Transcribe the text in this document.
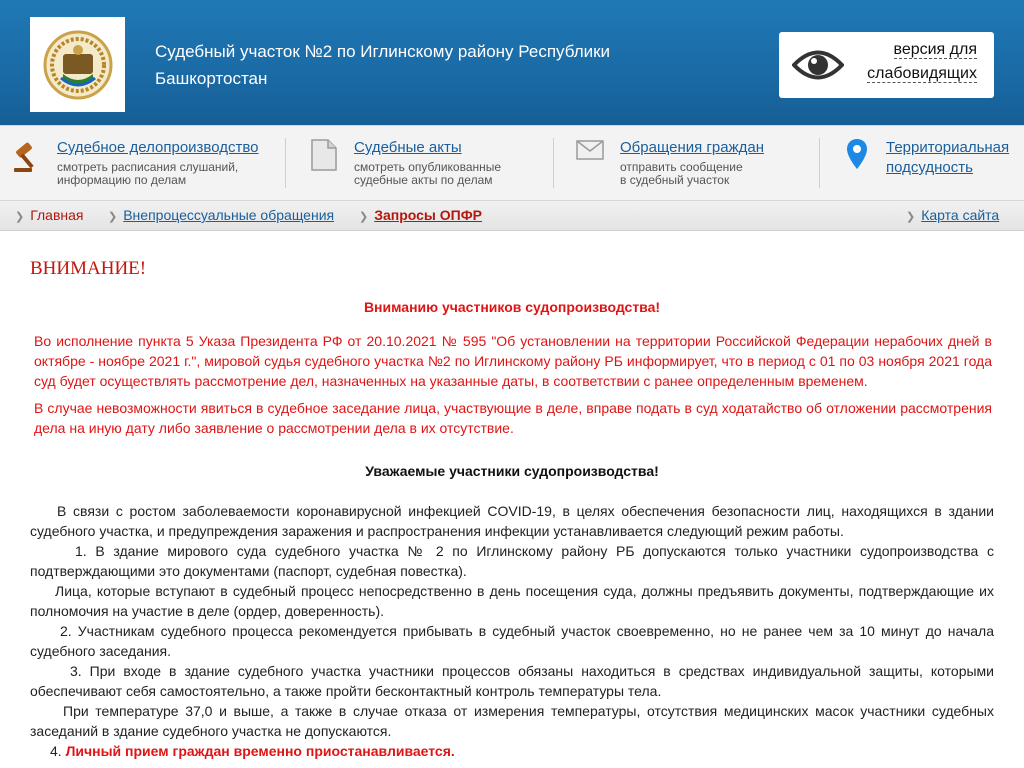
Судебный участок №2 по Иглинскому району Республики Башкортостан
версия для слабовидящих
Судебное делопроизводство
смотреть расписания слушаний,
информацию по делам
Судебные акты
смотреть опубликованные
судебные акты по делам
Обращения граждан
отправить сообщение
в судебный участок
Территориальная подсудность
❯ Главная ❯ Внепроцессуальные обращения ❯ Запросы ОПФР	❯ Карта сайта
ВНИМАНИЕ!
Вниманию участников судопроизводства!
Во исполнение пункта 5 Указа Президента РФ от 20.10.2021 № 595 "Об установлении на территории Российской Федерации нерабочих дней в октябре - ноябре 2021 г.", мировой судья судебного участка №2 по Иглинскому району РБ информирует, что в период с 01 по 03 ноября 2021 года суд будет осуществлять рассмотрение дел, назначенных на указанные даты, в соответствии с ранее определенным временем.
В случае невозможности явиться в судебное заседание лица, участвующие в деле, вправе подать в суд ходатайство об отложении рассмотрения дела на иную дату либо заявление о рассмотрении дела в их отсутствие.
Уважаемые участники судопроизводства!
В связи с ростом заболеваемости коронавирусной инфекцией COVID-19, в целях обеспечения безопасности лиц, находящихся в здании судебного участка, и предупреждения заражения и распространения инфекции устанавливается следующий режим работы.
1. В здание мирового суда судебного участка № 2 по Иглинскому району РБ допускаются только участники судопроизводства с подтверждающими это документами (паспорт, судебная повестка).
Лица, которые вступают в судебный процесс непосредственно в день посещения суда, должны предъявить документы, подтверждающие их полномочия на участие в деле (ордер, доверенность).
2. Участникам судебного процесса рекомендуется прибывать в судебный участок своевременно, но не ранее чем за 10 минут до начала судебного заседания.
3. При входе в здание судебного участка участники процессов обязаны находиться в средствах индивидуальной защиты, которыми обеспечивают себя самостоятельно, а также пройти бесконтактный контроль температуры тела.
При температуре 37,0 и выше, а также в случае отказа от измерения температуры, отсутствия медицинских масок участники судебных заседаний в здание судебного участка не допускаются.
4. Личный прием граждан временно приостанавливается.
